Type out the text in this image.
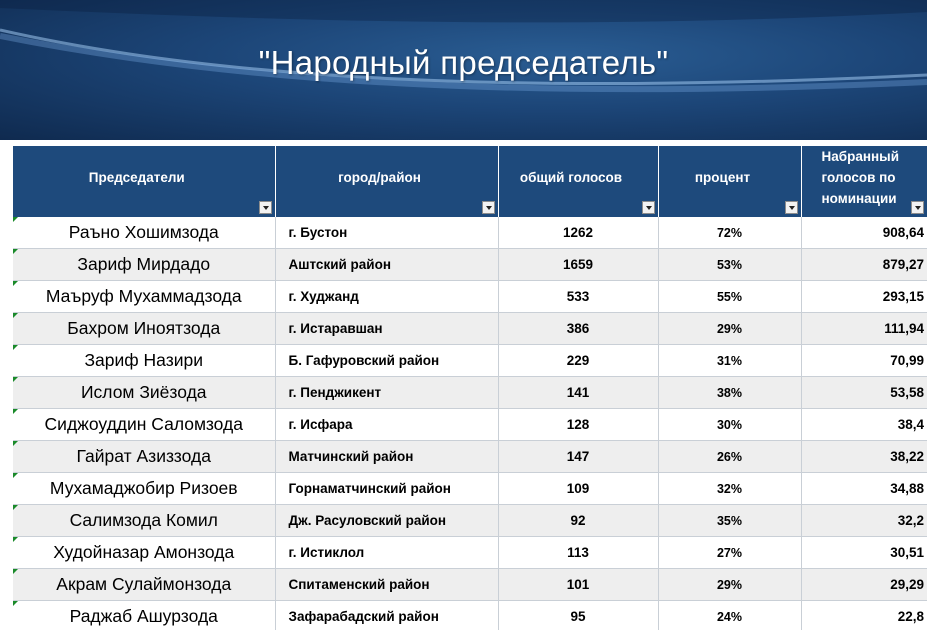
"Народный председатель"
Председатели	город/район	общий голосов	процент	Набранный
голосов по
номинации

Раъно Хошимзода	г. Бустон	1262	72%	908,64
Зариф Мирдадо	Аштский район	1659	53%	879,27
Маъруф Мухаммадзода	г. Худжанд	533	55%	293,15
Бахром Иноятзода	г. Истаравшан	386	29%	111,94
Зариф Назири	Б. Гафуровский район	229	31%	70,99
Ислом Зиёзода	г. Пенджикент	141	38%	53,58
Сиджоуддин Саломзода	г. Исфара	128	30%	38,4
Гайрат Азиззода	Матчинский район	147	26%	38,22
Мухамаджобир Ризоев	Горнаматчинский район	109	32%	34,88
Салимзода Комил	Дж. Расуловский район	92	35%	32,2
Худойназар Амонзода	г. Истиклол	113	27%	30,51
Акрам Сулаймонзода	Спитаменский район	101	29%	29,29
Раджаб Ашурзода	Зафарабадский район	95	24%	22,8
